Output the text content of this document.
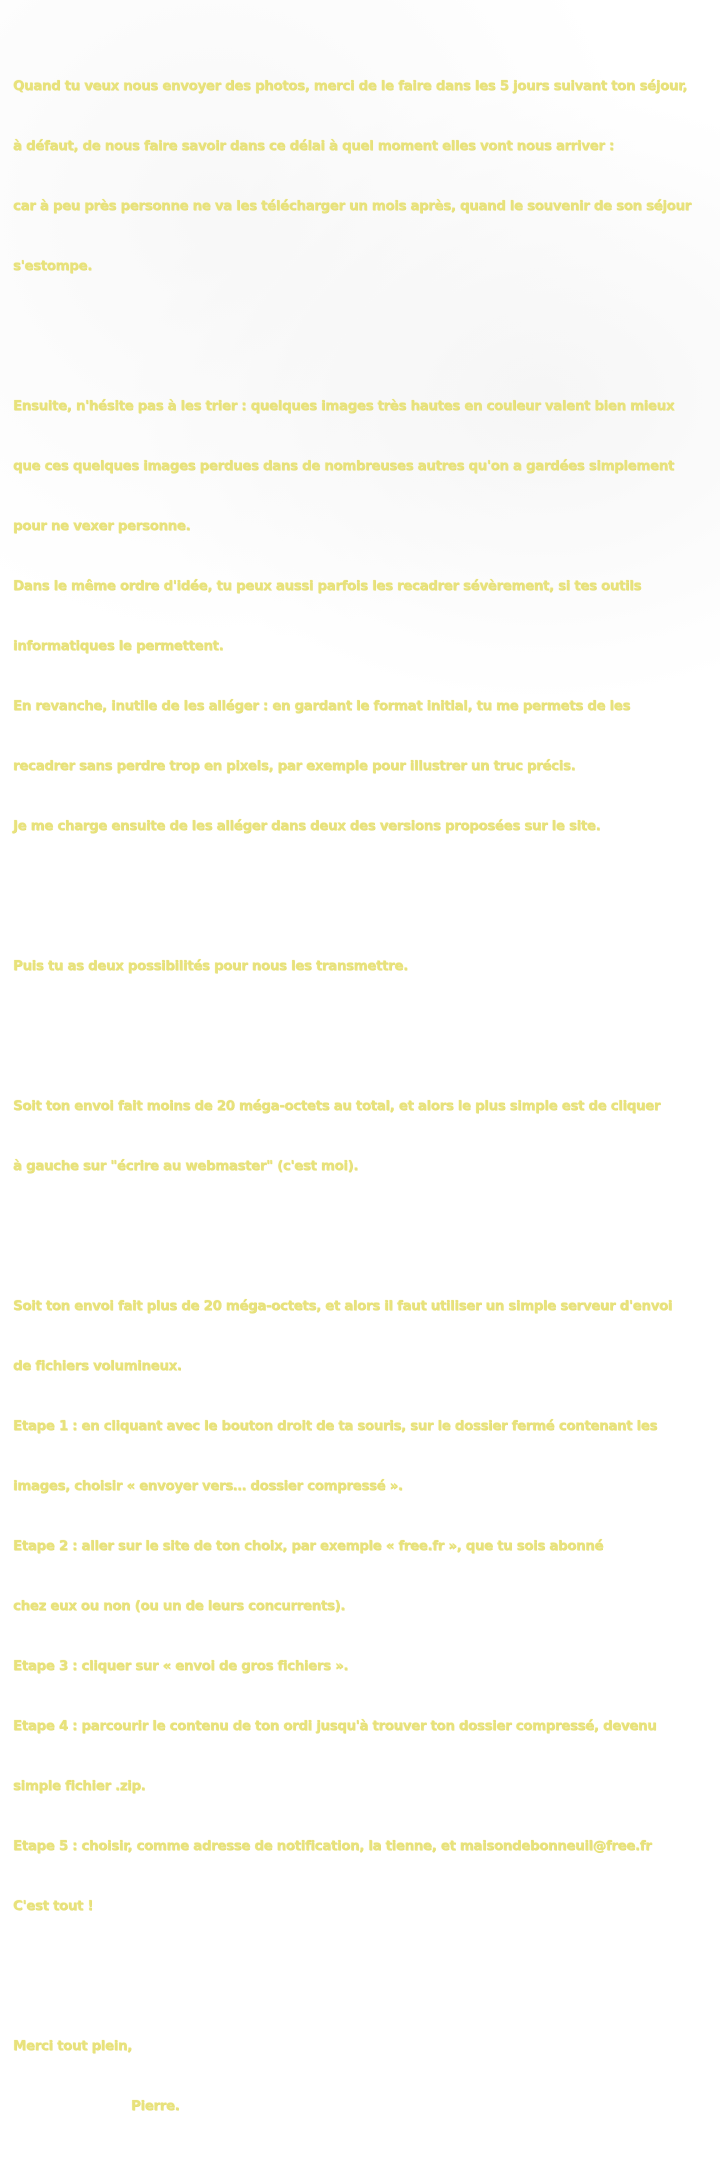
Quand tu veux nous envoyer des photos, merci de le faire dans les 5 jours suivant ton séjour,

à défaut, de nous faire savoir dans ce délai à quel moment elles vont nous arriver :

car à peu près personne ne va les télécharger un mois après, quand le souvenir de son séjour

s'estompe.

Ensuite, n'hésite pas à les trier : quelques images très hautes en couleur valent bien mieux

que ces quelques images perdues dans de nombreuses autres qu'on a gardées simplement

pour ne vexer personne.

Dans le même ordre d'idée, tu peux aussi parfois les recadrer sévèrement, si tes outils

informatiques le permettent.

En revanche, inutile de les alléger : en gardant le format initial, tu me permets de les

recadrer sans perdre trop en pixels, par exemple pour illustrer un truc précis.

Je me charge ensuite de les alléger dans deux des versions proposées sur le site.

Puis tu as deux possibilités pour nous les transmettre.

Soit ton envoi fait moins de 20 méga-octets au total, et alors le plus simple est de cliquer

à gauche sur "écrire au webmaster" (c'est moi).

Soit ton envoi fait plus de 20 méga-octets, et alors il faut utiliser un simple serveur d'envoi

de fichiers volumineux.

Etape 1 : en cliquant avec le bouton droit de ta souris, sur le dossier fermé contenant les

images, choisir « envoyer vers… dossier compressé ».

Etape 2 : aller sur le site de ton choix, par exemple « free.fr », que tu sois abonné

chez eux ou non (ou un de leurs concurrents).

Etape 3 : cliquer sur « envoi de gros fichiers ».

Etape 4 : parcourir le contenu de ton ordi jusqu'à trouver ton dossier compressé, devenu

simple fichier .zip.

Etape 5 : choisir, comme adresse de notification, la tienne, et maisondebonneuil@free.fr

C'est tout !

Merci tout plein,

Pierre.
